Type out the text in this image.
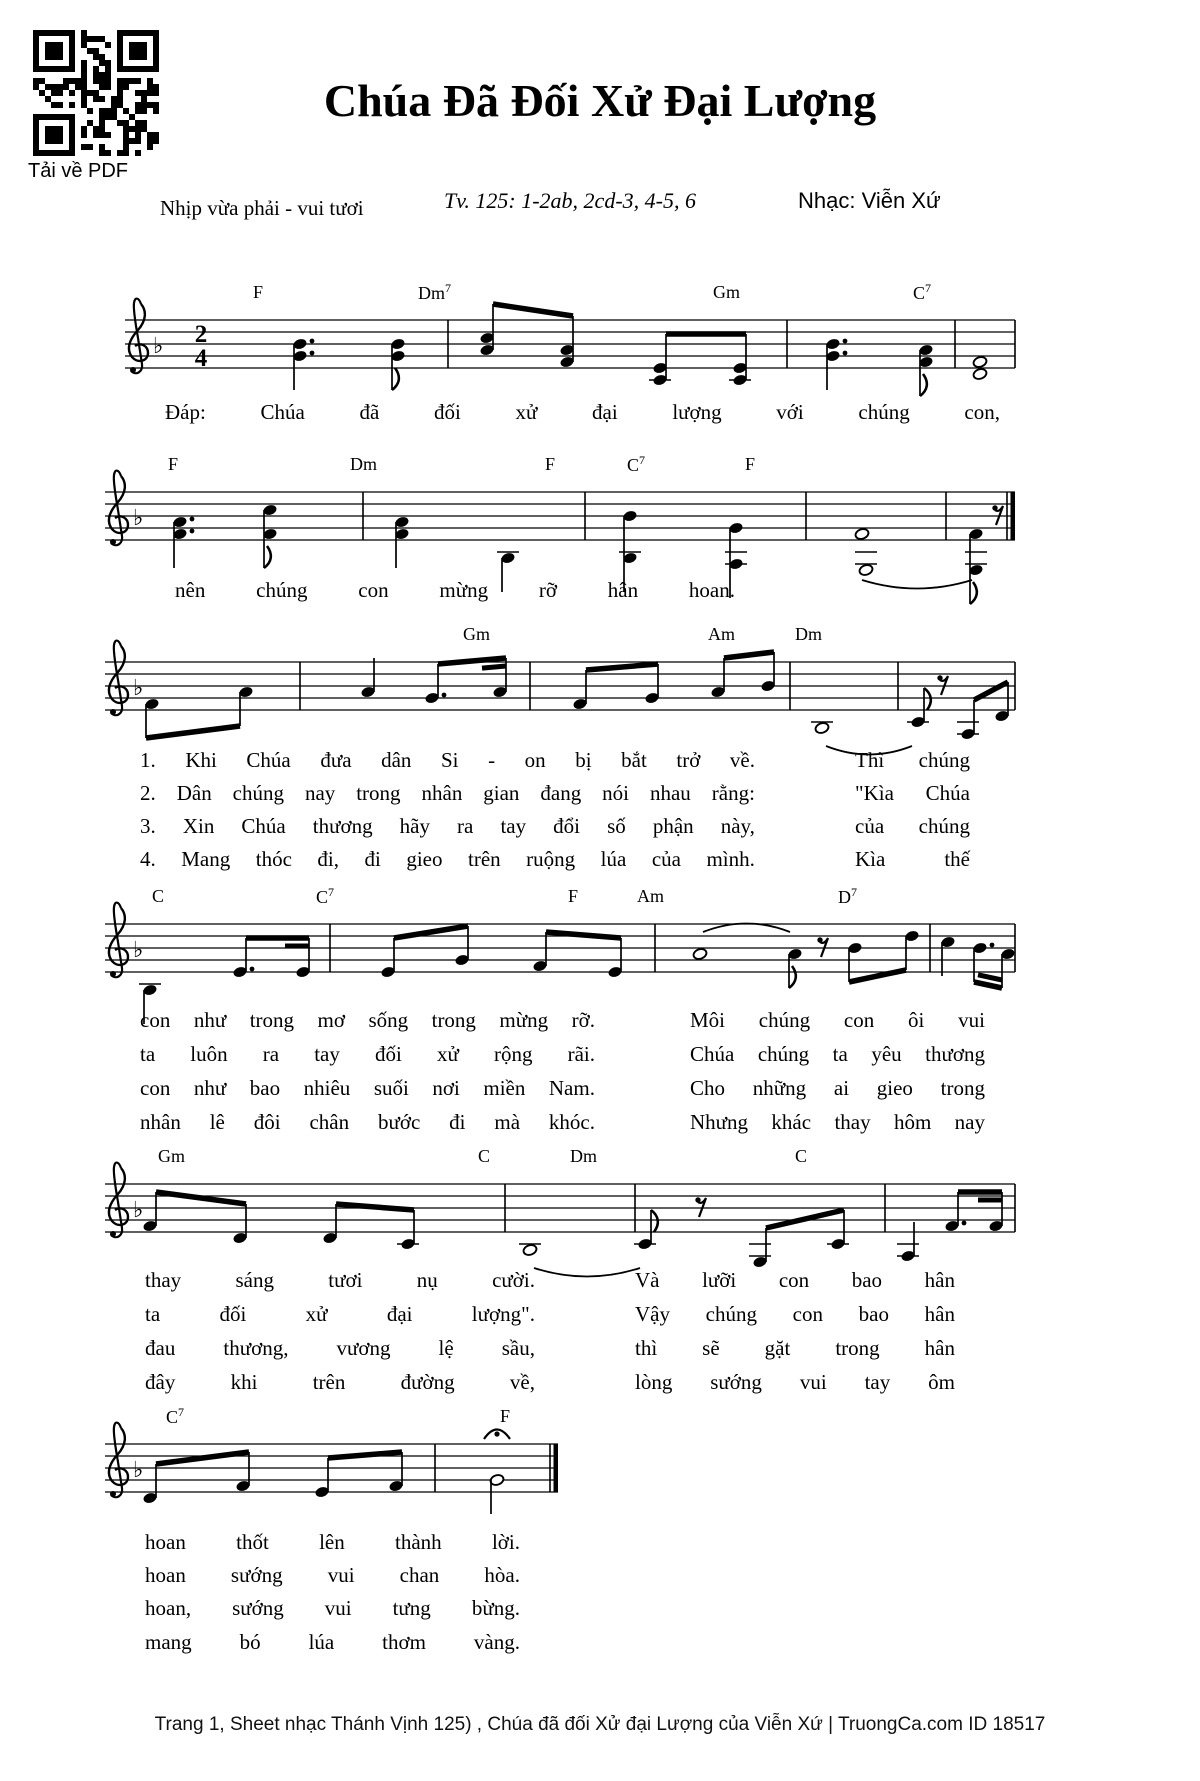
Tải về PDF
Chúa Đã Đối Xử Đại Lượng
Nhịp vừa phải - vui tươi	Tv. 125: 1-2ab, 2cd-3, 4-5, 6	Nhạc: Viễn Xứ
♭ 2
4
♭
♭
♭
♭
♭
F	Dm$^7$	Gm	$C^7$
F	Dm	F	$C^7$	F
Gm	Am	Dm
C	$C^7$	F	Am	$D^7$
Gm	C	Dm	C
$C^7$	F
Đáp:	Chúa	đã	đối	xử	đại	lượng	với	chúng	con,
nên chúng con mừng rỡ hân hoan.
1. Khi Chúa đưa dân Si - on bị bắt trở về.	Thì chúng
2. Dân chúng nay trong nhân gian đang nói nhau rằng:	"Kìa Chúa
3. Xin Chúa thương hãy ra tay đổi số phận này,	của chúng
4. Mang thóc đi, đi gieo trên ruộng lúa của mình.	Kìa	thế
con như trong mơ sống trong mừng rỡ.	Môi chúng con ôi vui
ta luôn ra tay đối xử rộng rãi.	Chúa chúng ta yêu thương
con như bao nhiêu suối nơi miền Nam.	Cho những ai gieo trong
nhân lê đôi chân bước đi mà khóc.	Nhưng khác thay hôm nay
thay	sáng	tươi	nụ	cười.	Và lưỡi con bao hân
ta	đối	xử	đại	lượng".	Vậy chúng con bao hân
đau thương, vương lệ sầu,	thì sẽ gặt trong hân
đây	khi	trên	đường	về,	lòng sướng vui tay ôm
hoan thốt lên thành lời.
hoan sướng vui chan hòa.
hoan, sướng vui tưng bừng.
mang bó lúa thơm vàng.
Trang 1, Sheet nhạc Thánh Vịnh 125) , Chúa đã đối Xử đại Lượng của Viễn Xứ | TruongCa.com ID 18517
